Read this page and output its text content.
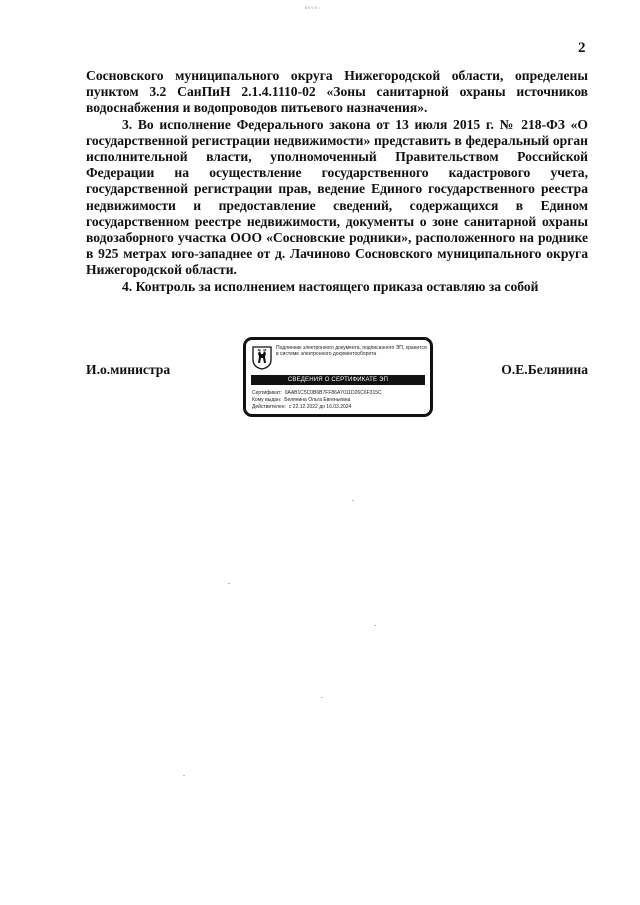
ⁿˢᵛᵉ·
2

Сосновского муниципального округа Нижегородской области, определены пунктом 3.2 СанПиН 2.1.4.1110-02 «Зоны санитарной охраны источников водоснабжения и водопроводов питьевого назначения».

3. Во исполнение Федерального закона от 13 июля 2015 г. № 218-ФЗ «О государственной регистрации недвижимости» представить в федеральный орган исполнительной власти, уполномоченный Правительством Российской Федерации на осуществление государственного кадастрового учета, государственной регистрации прав, ведение Единого государственного реестра недвижимости и предоставление сведений, содержащихся в Едином государственном реестре недвижимости, документы о зоне санитарной охраны водозаборного участка ООО «Сосновские родники», расположенного на роднике в 925 метрах юго-западнее от д. Лачиново Сосновского муниципального округа Нижегородской области.

4. Контроль за исполнением настоящего приказа оставляю за собой

И.о.министра	О.Е.Белянина
Подлинник электронного документа, подписанного ЭП, хранится в системе электронного документооборота
СВЕДЕНИЯ О СЕРТИФИКАТЕ ЭП
Сертификат: 0AAB1C5C0B6B7FF86A7011D26C6F315C
Кому выдан: Белянина Ольга Евгеньевна
Действителен: с 22.12.2022 до 16.03.2024
